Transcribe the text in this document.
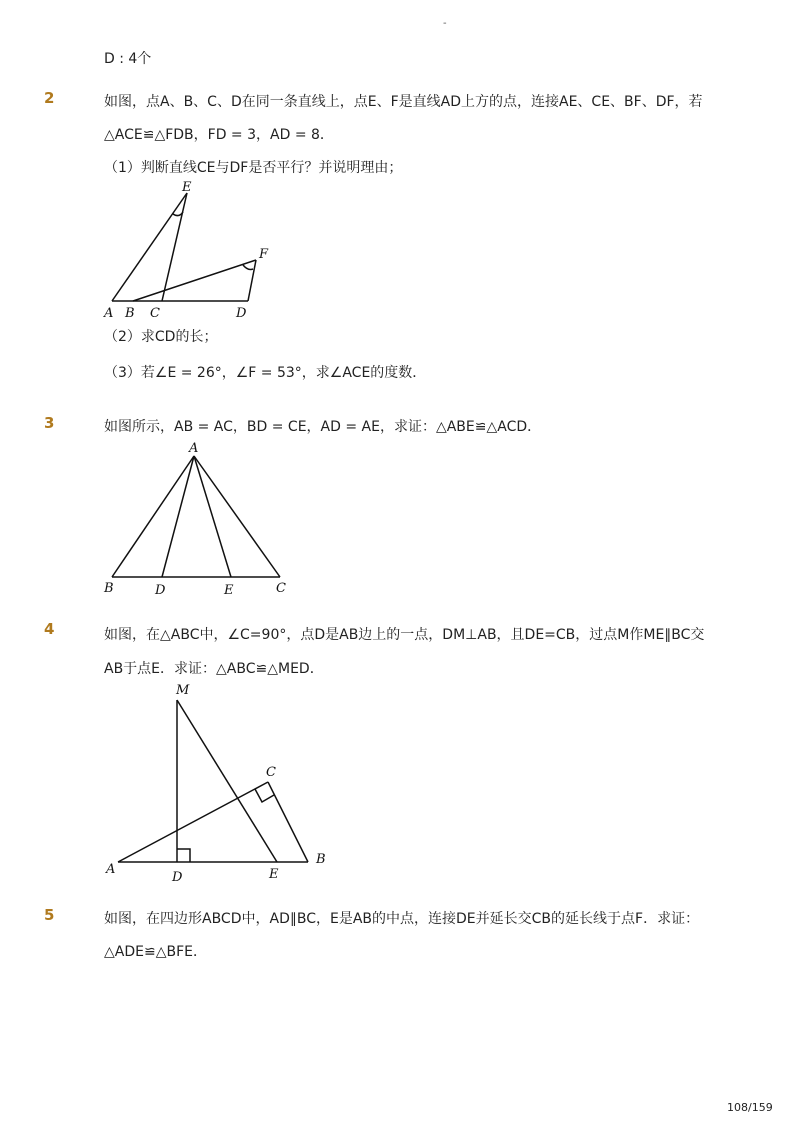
-
D : 4个
2	如图，点A、B、C、D在同一条直线上，点E、F是直线AD上方的点，连接AE、CE、BF、DF，若
△ACE≌△FDB，FD = 3，AD = 8．
（1）判断直线CE与DF是否平行？并说明理由；
E
F
A B C	D
（2）求CD的长；
（3）若∠E = 26°，∠F = 53°，求∠ACE的度数．
3	如图所示，AB = AC，BD = CE，AD = AE，求证：△ABE≌△ACD．
A
B	D	E	C
4	如图，在△ABC中，∠C=90°，点D是AB边上的一点，DM⊥AB，且DE=CB，过点M作ME∥BC交
AB于点E．求证：△ABC≌△MED．
M
C
A
D	E
B
5	如图，在四边形ABCD中，AD∥BC，E是AB的中点，连接DE并延长交CB的延长线于点F．求证：
△ADE≌△BFE．
108/159
